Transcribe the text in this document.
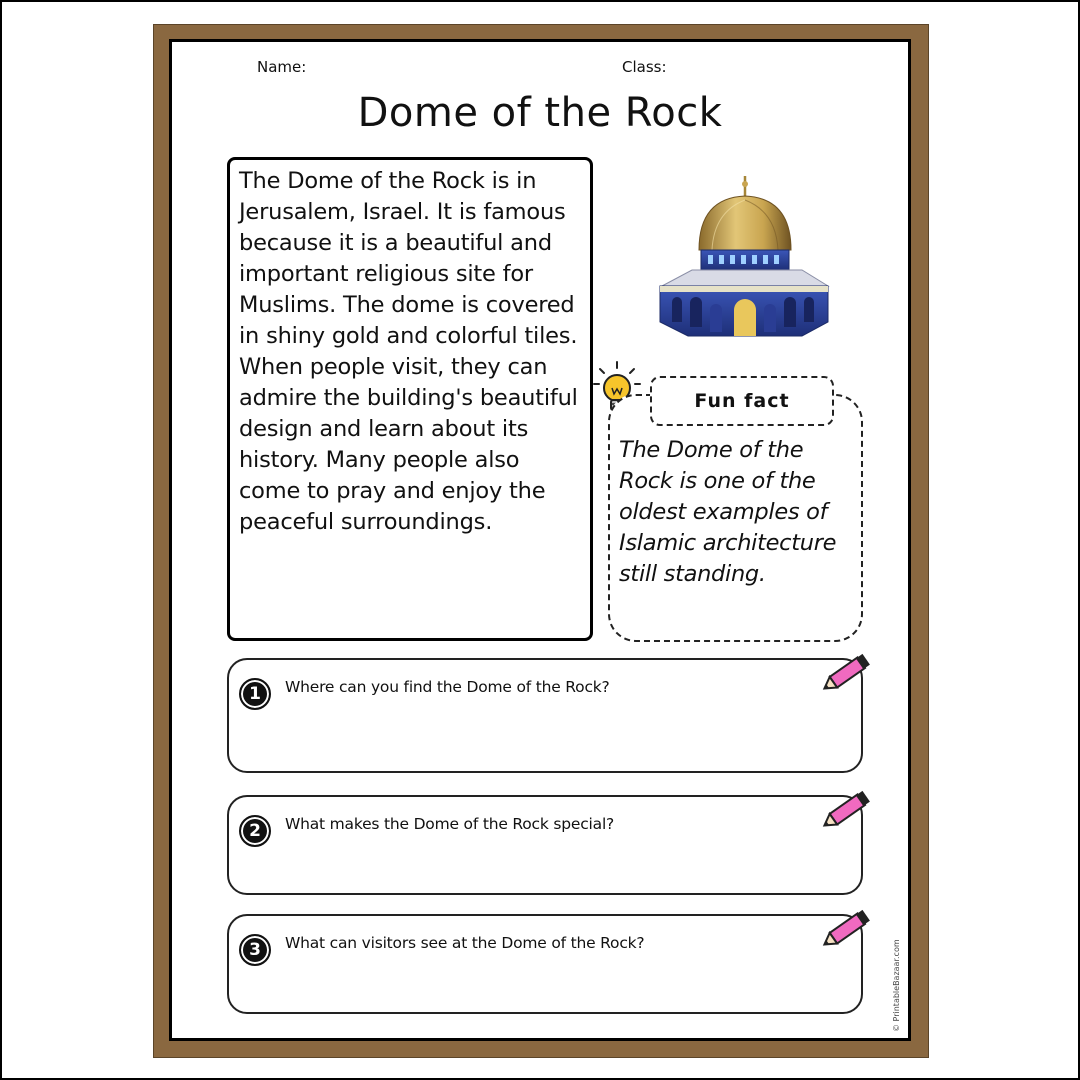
Name:	Class:
Dome of the Rock

The Dome of the Rock is in Jerusalem, Israel. It is famous because it is a beautiful and important religious site for Muslims. The dome is covered in shiny gold and colorful tiles. When people visit, they can admire the building's beautiful design and learn about its history. Many people also come to pray and enjoy the peaceful surroundings.

Fun fact
The Dome of the Rock is one of the oldest examples of Islamic architecture still standing.
1	Where can you find the Dome of the Rock?
2	What makes the Dome of the Rock special?
3	What can visitors see at the Dome of the Rock?	© PrintableBazaar.com
